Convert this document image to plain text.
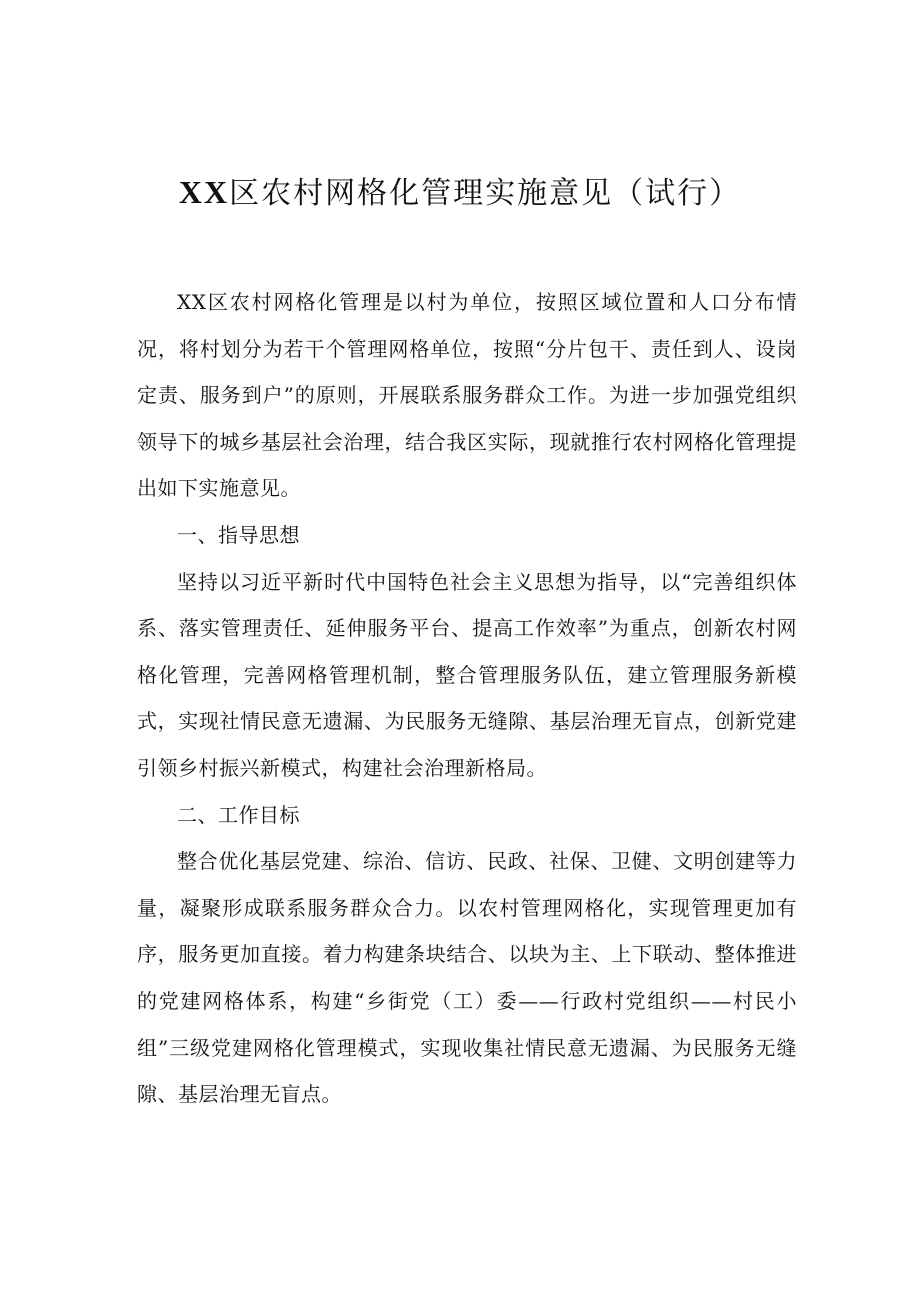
XX区农村网格化管理实施意见（试行）

XX区农村网格化管理是以村为单位，按照区域位置和人口分布情况，将村划分为若干个管理网格单位，按照“分片包干、责任到人、设岗定责、服务到户”的原则，开展联系服务群众工作。为进一步加强党组织领导下的城乡基层社会治理，结合我区实际，现就推行农村网格化管理提出如下实施意见。

一、指导思想

坚持以习近平新时代中国特色社会主义思想为指导，以“完善组织体系、落实管理责任、延伸服务平台、提高工作效率”为重点，创新农村网格化管理，完善网格管理机制，整合管理服务队伍，建立管理服务新模式，实现社情民意无遗漏、为民服务无缝隙、基层治理无盲点，创新党建引领乡村振兴新模式，构建社会治理新格局。

二、工作目标

整合优化基层党建、综治、信访、民政、社保、卫健、文明创建等力量，凝聚形成联系服务群众合力。以农村管理网格化，实现管理更加有序，服务更加直接。着力构建条块结合、以块为主、上下联动、整体推进的党建网格体系，构建“乡街党（工）委——行政村党组织——村民小组”三级党建网格化管理模式，实现收集社情民意无遗漏、为民服务无缝隙、基层治理无盲点。
